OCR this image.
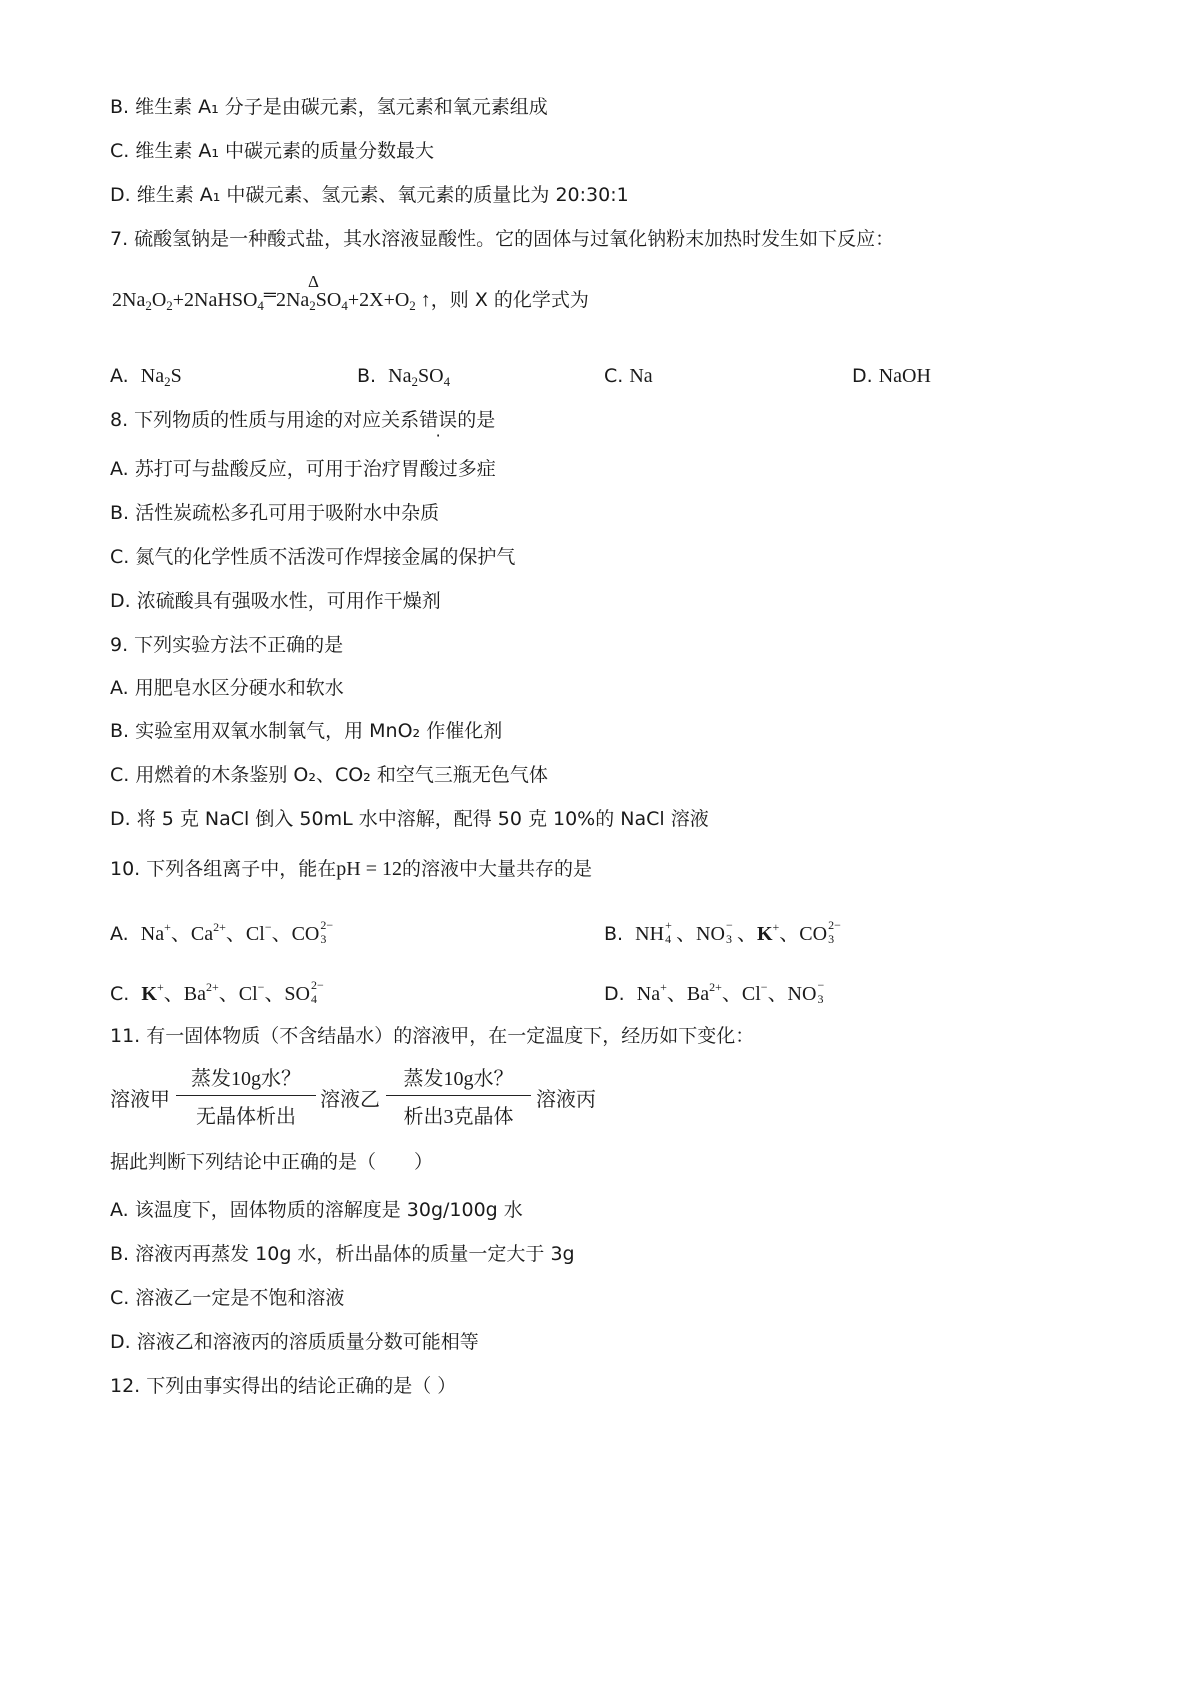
B. 维生素 A₁ 分子是由碳元素，氢元素和氧元素组成
C. 维生素 A₁ 中碳元素的质量分数最大
D. 维生素 A₁ 中碳元素、氢元素、氧元素的质量比为 20:30:1
7. 硫酸氢钠是一种酸式盐，其水溶液显酸性。它的固体与过氧化钠粉末加热时发生如下反应：
Δ
$2Na_2O_2+2NaHSO_4^═2Na_2SO_4+2X+O_2$ ↑，则 X 的化学式为
A. $Na_2S$	B. $Na_2SO_4$	C. Na	D. NaOH
8. 下列物质的性质与用途的对应关系错误的是
A. 苏打可与盐酸反应，可用于治疗胃酸过多症
B. 活性炭疏松多孔可用于吸附水中杂质
C. 氮气的化学性质不活泼可作焊接金属的保护气
D. 浓硫酸具有强吸水性，可用作干燥剂
9. 下列实验方法不正确的是
A. 用肥皂水区分硬水和软水
B. 实验室用双氧水制氧气，用 MnO₂ 作催化剂
C. 用燃着的木条鉴别 O₂、CO₂ 和空气三瓶无色气体
D. 将 5 克 NaCl 倒入 50mL 水中溶解，配得 50 克 10%的 NaCl 溶液
10. 下列各组离子中，能在pH = 12的溶液中大量共存的是
A. Na+、$Ca^{2+}$、Cl−、CO 2−
3	B. NH +
4 、NO −
3 、K+、CO 2−
3
C. K+、$Ba^{2+}$、Cl−、SO 2−
4	D. Na+、$Ba^{2+}$、Cl−、NO −
3
11. 有一固体物质（不含结晶水）的溶液甲，在一定温度下，经历如下变化：
溶液甲
蒸发10g水？
无晶体析出
溶液乙
蒸发10g水？
析出3克晶体
溶液丙
据此判断下列结论中正确的是（　　）
A. 该温度下，固体物质的溶解度是 30g/100g 水
B. 溶液丙再蒸发 10g 水，析出晶体的质量一定大于 3g
C. 溶液乙一定是不饱和溶液
D. 溶液乙和溶液丙的溶质质量分数可能相等
12. 下列由事实得出的结论正确的是（ ）
